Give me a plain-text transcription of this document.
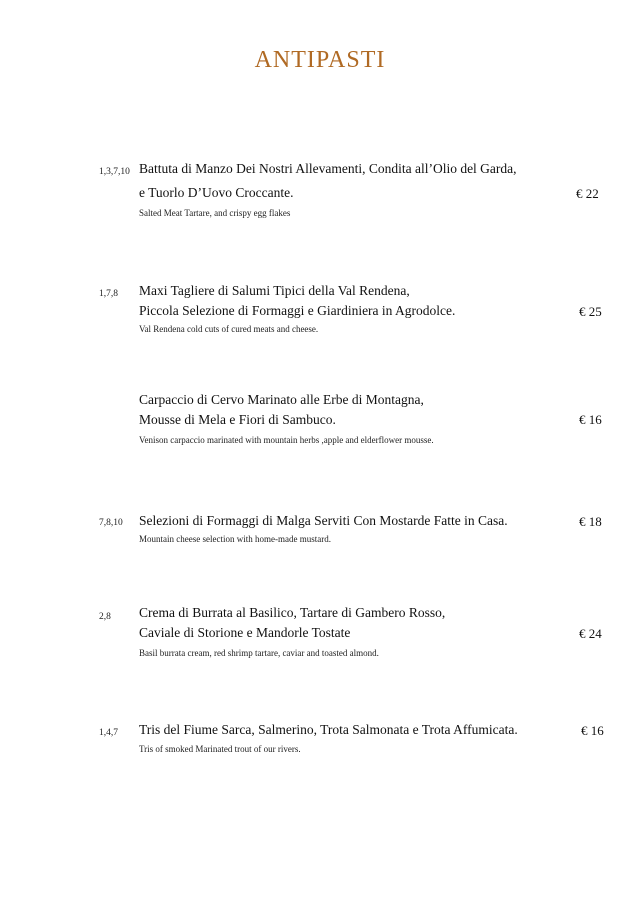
ANTIPASTI
1,3,7,10 Battuta di Manzo Dei Nostri Allevamenti, Condita all’Olio del Garda,
e Tuorlo D’Uovo Croccante.
Salted Meat Tartare, and crispy egg flakes
€ 22
1,7,8 Maxi Tagliere di Salumi Tipici della Val Rendena,
Piccola Selezione di Formaggi e Giardiniera in Agrodolce.
Val Rendena cold cuts of cured meats and cheese.
€ 25
Carpaccio di Cervo Marinato alle Erbe di Montagna,
Mousse di Mela e Fiori di Sambuco.
Venison carpaccio marinated with mountain herbs ,apple and elderflower mousse.
€ 16
7,8,10 Selezioni di Formaggi di Malga Serviti Con Mostarde Fatte in Casa.
Mountain cheese selection with home-made mustard.
€ 18
2,8 Crema di Burrata al Basilico, Tartare di Gambero Rosso,
Caviale di Storione e Mandorle Tostate
Basil burrata cream, red shrimp tartare, caviar and toasted almond.
€ 24
1,4,7 Tris del Fiume Sarca, Salmerino, Trota Salmonata e Trota Affumicata.
Tris of smoked Marinated trout of our rivers.
€ 16
